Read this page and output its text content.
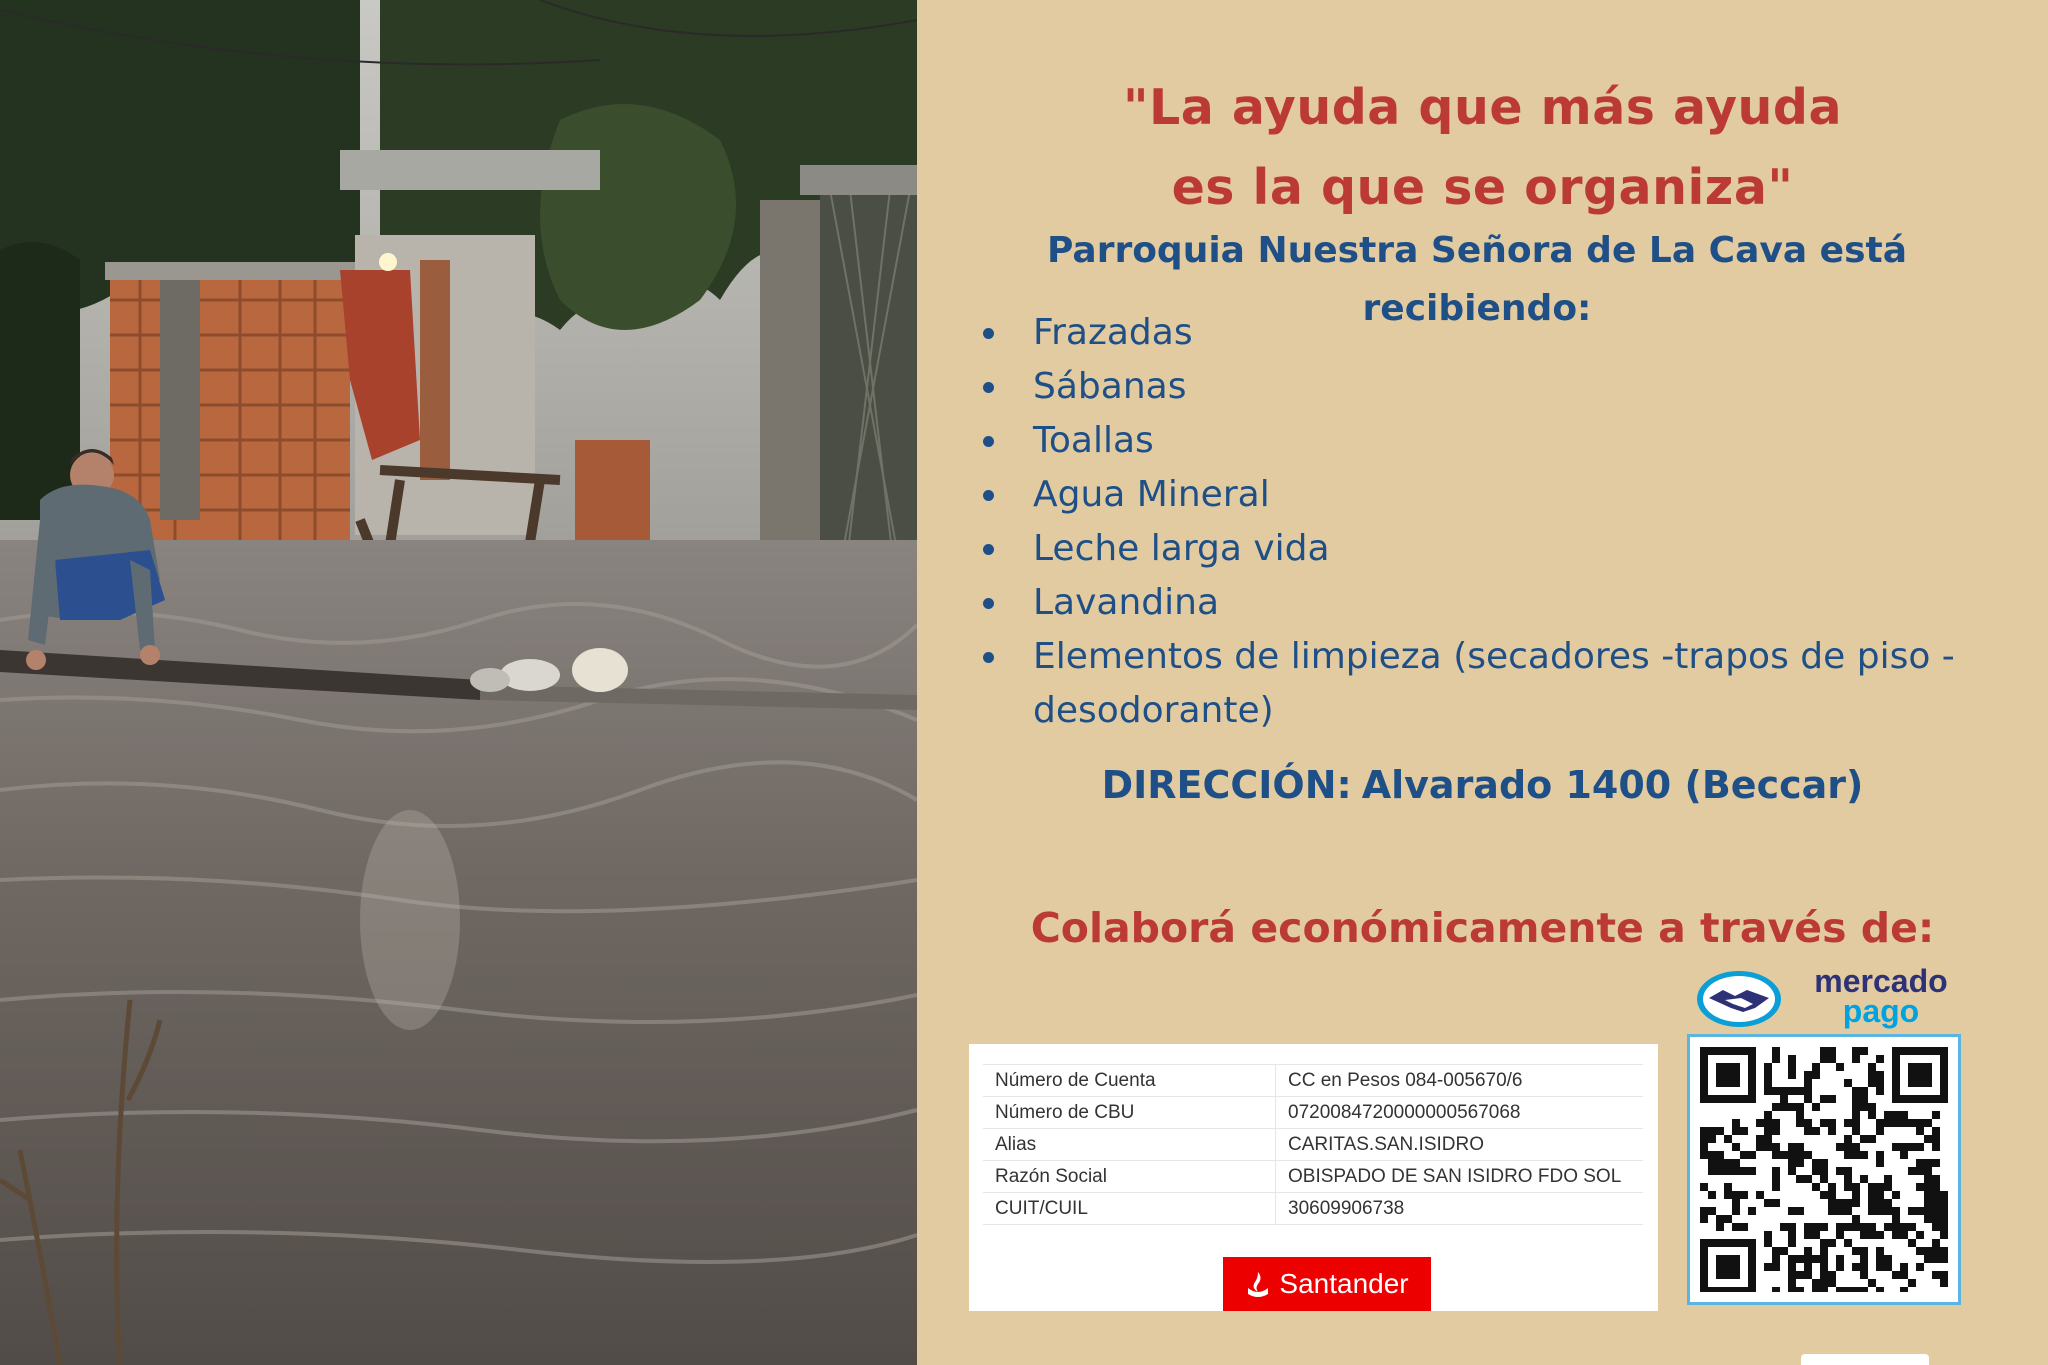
"La ayuda que más ayuda
es la que se organiza"
Parroquia Nuestra Señora de La Cava está recibiendo:
Frazadas
Sábanas
Toallas
Agua Mineral
Leche larga vida
Lavandina
Elementos de limpieza (secadores -trapos de piso - desodorante)
DIRECCIÓN: Alvarado 1400 (Beccar)
Colaborá económicamente a través de:
Número de Cuenta	CC en Pesos 084-005670/6
Número de CBU	0720084720000000567068
Alias	CARITAS.SAN.ISIDRO
Razón Social	OBISPADO DE SAN ISIDRO FDO SOL
CUIT/CUIL	30609906738
Santander
mercado
pago
